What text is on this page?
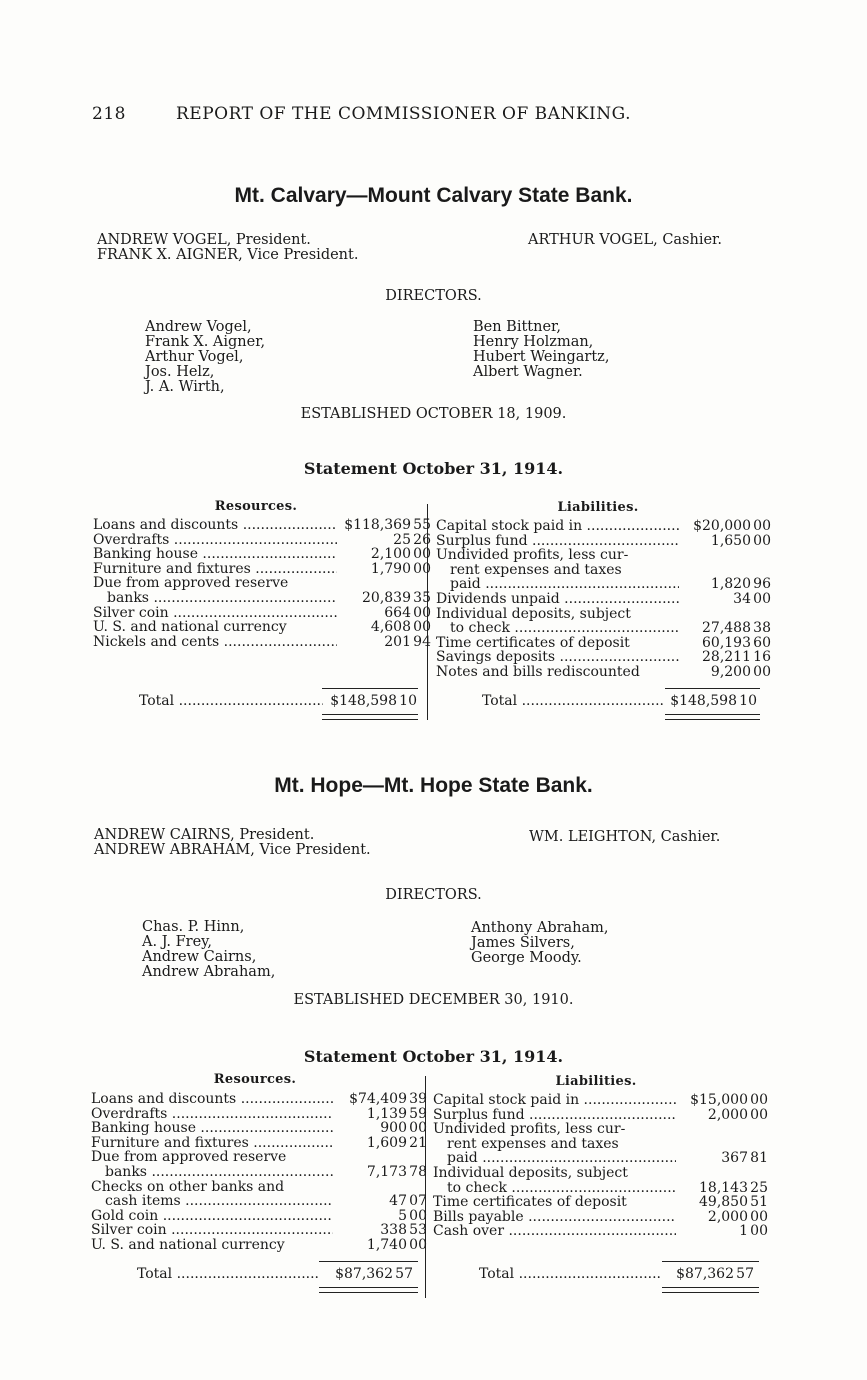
218	REPORT OF THE COMMISSIONER OF BANKING.
Mt. Calvary—Mount Calvary State Bank.
ANDREW VOGEL, President.
FRANK X. AIGNER, Vice President.
ARTHUR VOGEL, Cashier.
DIRECTORS.
Andrew Vogel,
Frank X. Aigner,
Arthur Vogel,
Jos. Helz,
J. A. Wirth,
Ben Bittner,
Henry Holzman,
Hubert Weingartz,
Albert Wagner.
ESTABLISHED OCTOBER 18, 1909.
Statement October 31, 1914.
Resources.	Liabilities.
Loans and discounts .....	$118,369	55
Overdrafts .....	25	26
Banking house .....	2,100	00
Furniture and fixtures .....	1,790	00
Due from approved reserve		
banks .....	20,839	35
Silver coin .....	664	00
U. S. and national currency	4,608	00
Nickels and cents .....	201	94
Capital stock paid in .....	$20,000	00
Surplus fund .....	1,650	00
Undivided profits, less cur-		
rent expenses and taxes		
paid .....	1,820	96
Dividends unpaid .....	34	00
Individual deposits, subject		
to check .....	27,488	38
Time certificates of deposit	60,193	60
Savings deposits .....	28,211	16
Notes and bills rediscounted	9,200	00
Total .....	$148,598	10	Total .....	$148,598	10
Mt. Hope—Mt. Hope State Bank.
ANDREW CAIRNS, President.
ANDREW ABRAHAM, Vice President.
WM. LEIGHTON, Cashier.
DIRECTORS.
Chas. P. Hinn,
A. J. Frey,
Andrew Cairns,
Andrew Abraham,
Anthony Abraham,
James Silvers,
George Moody.
ESTABLISHED DECEMBER 30, 1910.
Statement October 31, 1914.
Resources.	Liabilities.
Loans and discounts .....	$74,409	39
Overdrafts .....	1,139	59
Banking house .....	900	00
Furniture and fixtures .....	1,609	21
Due from approved reserve		
banks .....	7,173	78
Checks on other banks and		
cash items .....	47	07
Gold coin .....	5	00
Silver coin .....	338	53
U. S. and national currency	1,740	00
Capital stock paid in .....	$15,000	00
Surplus fund .....	2,000	00
Undivided profits, less cur-		
rent expenses and taxes		
paid .....	367	81
Individual deposits, subject		
to check .....	18,143	25
Time certificates of deposit	49,850	51
Bills payable .....	2,000	00
Cash over .....	1	00
Total .....	$87,362	57	Total .....	$87,362	57
